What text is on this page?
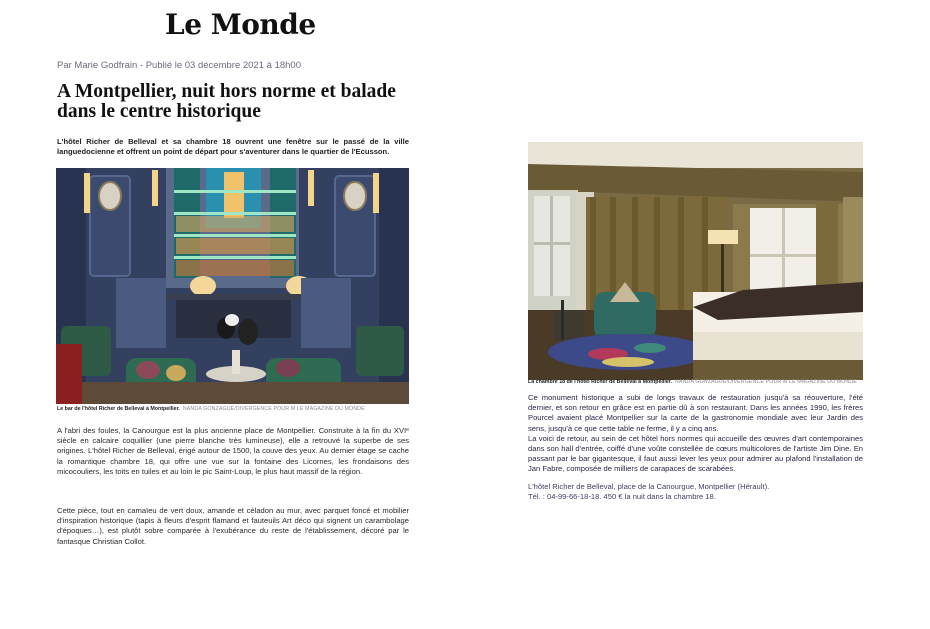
Le Monde
Par Marie Godfrain - Publié le 03 décembre 2021 à 18h00
A Montpellier, nuit hors norme et balade dans le centre historique

L'hôtel Richer de Belleval et sa chambre 18 ouvrent une fenêtre sur le passé de la ville languedocienne et offrent un point de départ pour s'aventurer dans le quartier de l'Ecusson.

Le bar de l'hôtel Richer de Belleval à Montpellier. NANDA GONZAGUE/DIVERGENCE POUR M LE MAGAZINE DU MONDE

A l'abri des foules, la Canourgue est la plus ancienne place de Montpellier. Construite à la fin du XVIᵉ siècle en calcaire coquillier (une pierre blanche très lumineuse), elle a retrouvé la superbe de ses origines. L'hôtel Richer de Belleval, érigé autour de 1500, la couve des yeux. Au dernier étage se cache la romantique chambre 18, qui offre une vue sur la fontaine des Licornes, les frondaisons des micocouliers, les toits en tuiles et au loin le pic Saint-Loup, le plus haut massif de la région.

Cette pièce, tout en camaïeu de vert doux, amande et céladon au mur, avec parquet foncé et mobilier d'inspiration historique (tapis à fleurs d'esprit flamand et fauteuils Art déco qui signent un carambolage d'époques…), est plutôt sobre comparée à l'exubérance du reste de l'établissement, décoré par le fantasque Christian Collot.

La chambre 18 de l'hôtel Richer de Belleval à Montpellier. NANDA GONZAGUE/DIVERGENCE POUR M LE MAGAZINE DU MONDE

Ce monument historique a subi de longs travaux de restauration jusqu'à sa réouverture, l'été dernier, et son retour en grâce est en partie dû à son restaurant. Dans les années 1990, les frères Pourcel avaient placé Montpellier sur la carte de la gastronomie mondiale avec leur Jardin des sens, jusqu'à ce que cette table ne ferme, il y a cinq ans.

La voici de retour, au sein de cet hôtel hors normes qui accueille des œuvres d'art contemporaines dans son hall d'entrée, coiffé d'une voûte constellée de cœurs multicolores de l'artiste Jim Dine. En passant par le bar gigantesque, il faut aussi lever les yeux pour admirer au plafond l'installation de Jan Fabre, composée de milliers de carapaces de scarabées.

L'hôtel Richer de Belleval, place de la Canourgue, Montpellier (Hérault).

Tél. : 04-99-66-18-18. 450 € la nuit dans la chambre 18.
